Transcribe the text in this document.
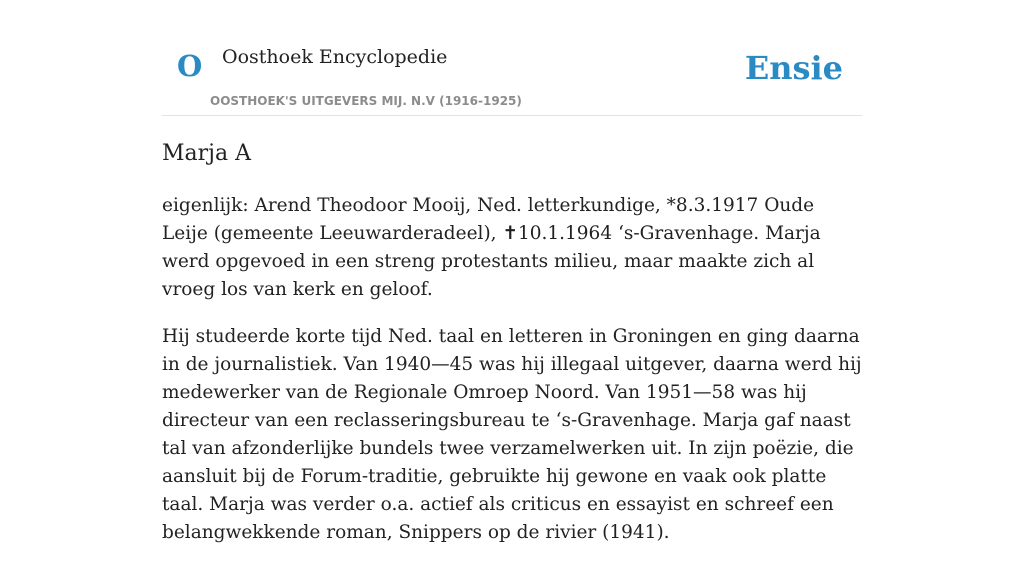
O Oosthoek Encyclopedie
OOSTHOEK'S UITGEVERS MIJ. N.V (1916-1925)
Ensie
Marja A

eigenlijk: Arend Theodoor Mooij, Ned. letterkundige, *8.3.1917 Oude Leije (gemeente Leeuwarderadeel), ✝10.1.1964 ‘s-Gravenhage. Marja werd opgevoed in een streng protestants milieu, maar maakte zich al vroeg los van kerk en geloof.

Hij studeerde korte tijd Ned. taal en letteren in Groningen en ging daarna in de journalistiek. Van 1940—45 was hij illegaal uitgever, daarna werd hij medewerker van de Regionale Omroep Noord. Van 1951—58 was hij directeur van een reclasseringsbureau te ‘s-Gravenhage. Marja gaf naast tal van afzonderlijke bundels twee verzamelwerken uit. In zijn poëzie, die aansluit bij de Forum-traditie, gebruikte hij gewone en vaak ook platte taal. Marja was verder o.a. actief als criticus en essayist en schreef een belangwekkende roman, Snippers op de rivier (1941).
